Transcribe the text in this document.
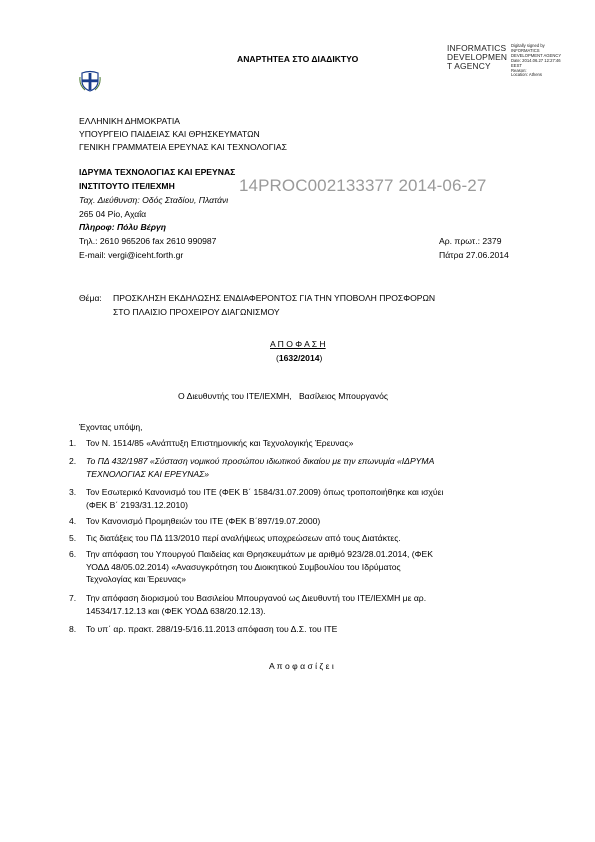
ΑΝΑΡΤΗΤΕΑ ΣΤΟ ΔΙΑΔΙΚΤΥΟ
INFORMATICS DEVELOPMEN T AGENCY
Digitally signed by
INFORMATICS
DEVELOPMENT AGENCY
Date: 2014.06.27 12:27:46
EEST
Reason:
Location: Athens
ΕΛΛΗΝΙΚΗ ΔΗΜΟΚΡΑΤΙΑ
ΥΠΟΥΡΓΕΙΟ ΠΑΙΔΕΙΑΣ ΚΑΙ ΘΡΗΣΚΕΥΜΑΤΩΝ
ΓΕΝΙΚΗ ΓΡΑΜΜΑΤΕΙΑ ΕΡΕΥΝΑΣ ΚΑΙ ΤΕΧΝΟΛΟΓΙΑΣ
ΙΔΡΥΜΑ ΤΕΧΝΟΛΟΓΙΑΣ ΚΑΙ ΕΡΕΥΝΑΣ
ΙΝΣΤΙΤΟΥΤΟ ΙΤΕ/ΙΕΧΜΗ
Ταχ. Διεύθυνση: Οδός Σταδίου, Πλατάνι
265 04 Ρίο, Αχαΐα
Πληροφ: Πόλυ Βέργη
Τηλ.: 2610 965206 fax 2610 990987
E-mail: vergi@iceht.forth.gr
14PROC002133377 2014-06-27
Αρ. πρωτ.: 2379
Πάτρα 27.06.2014
Θέμα: ΠΡΟΣΚΛΗΣΗ ΕΚΔΗΛΩΣΗΣ ΕΝΔΙΑΦΕΡΟΝΤΟΣ ΓΙΑ ΤΗΝ ΥΠΟΒΟΛΗ ΠΡΟΣΦΟΡΩΝ
ΣΤΟ ΠΛΑΙΣΙΟ ΠΡΟΧΕΙΡΟΥ ΔΙΑΓΩΝΙΣΜΟΥ
Α Π Ο Φ Α Σ Η
(1632/2014)
Ο Διευθυντής του ΙΤΕ/ΙΕΧΜΗ, Βασίλειος Μπουργανός
Έχοντας υπόψη,
1. Τον Ν. 1514/85 «Ανάπτυξη Επιστημονικής και Τεχνολογικής Έρευνας»
2. Το ΠΔ 432/1987 «Σύσταση νομικού προσώπου ιδιωτικού δικαίου με την επωνυμία «ΙΔΡΥΜΑ
ΤΕΧΝΟΛΟΓΙΑΣ ΚΑΙ ΕΡΕΥΝΑΣ»
3. Τον Εσωτερικό Κανονισμό του ΙΤΕ (ΦΕΚ Β΄ 1584/31.07.2009) όπως τροποποιήθηκε και ισχύει
(ΦΕΚ Β΄ 2193/31.12.2010)
4. Τον Κανονισμό Προμηθειών του ΙΤΕ (ΦΕΚ Β΄897/19.07.2000)
5. Τις διατάξεις του ΠΔ 113/2010 περί αναλήψεως υποχρεώσεων από τους Διατάκτες.
6. Την απόφαση του Υπουργού Παιδείας και Θρησκευμάτων με αριθμό 923/28.01.2014, (ΦΕΚ
ΥΟΔΔ 48/05.02.2014) «Ανασυγκρότηση του Διοικητικού Συμβουλίου του Ιδρύματος
Τεχνολογίας και Έρευνας»
7. Την απόφαση διορισμού του Βασιλείου Μπουργανού ως Διευθυντή του ΙΤΕ/ΙΕΧΜΗ με αρ.
14534/17.12.13 και (ΦΕΚ ΥΟΔΔ 638/20.12.13).
8. Το υπ΄ αρ. πρακτ. 288/19-5/16.11.2013 απόφαση του Δ.Σ. του ΙΤΕ
Α π ο φ α σ ί ζ ε ι
